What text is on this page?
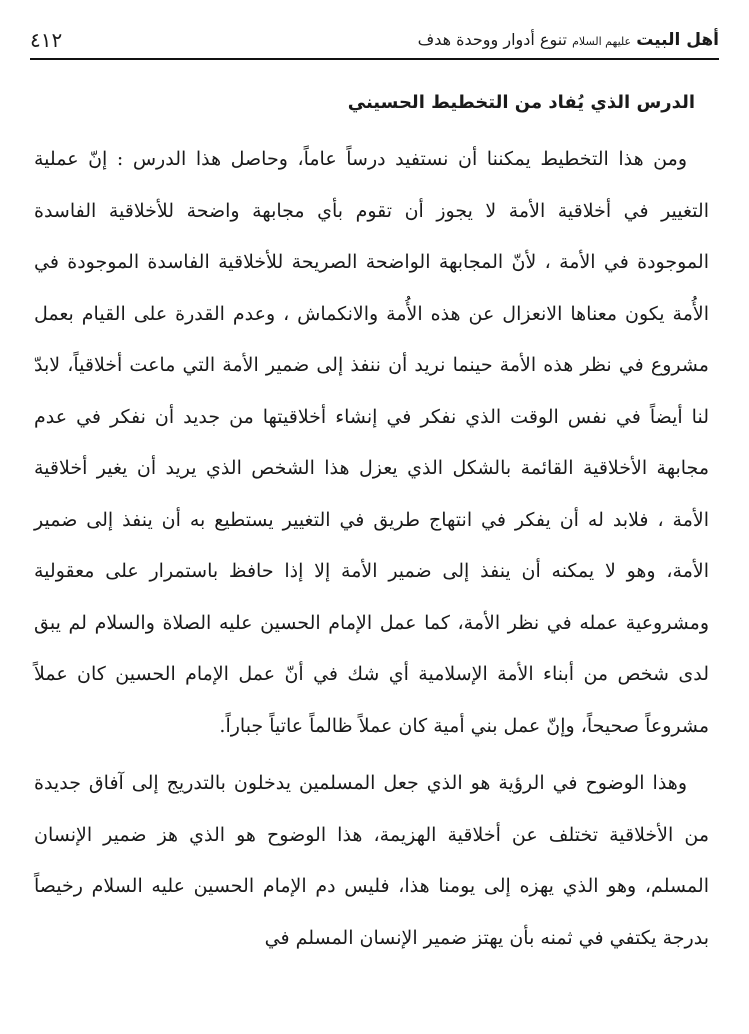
أهل البيت عليهم السلام تنوع أدوار ووحدة هدف
٤١٢
الدرس الذي يُفاد من التخطيط الحسيني

ومن هذا التخطيط يمكننا أن نستفيد درساً عاماً، وحاصل هذا الدرس : إنّ عملية التغيير في أخلاقية الأمة لا يجوز أن تقوم بأي مجابهة واضحة للأخلاقية الفاسدة الموجودة في الأمة ، لأنّ المجابهة الواضحة الصريحة للأخلاقية الفاسدة الموجودة في الأُمة يكون معناها الانعزال عن هذه الأُمة والانكماش ، وعدم القدرة على القيام بعمل مشروع في نظر هذه الأمة حينما نريد أن ننفذ إلى ضمير الأمة التي ماعت أخلاقياً، لابدّ لنا أيضاً في نفس الوقت الذي نفكر في إنشاء أخلاقيتها من جديد أن نفكر في عدم مجابهة الأخلاقية القائمة بالشكل الذي يعزل هذا الشخص الذي يريد أن يغير أخلاقية الأمة ، فلابد له أن يفكر في انتهاج طريق في التغيير يستطيع به أن ينفذ إلى ضمير الأمة، وهو لا يمكنه أن ينفذ إلى ضمير الأمة إلا إذا حافظ باستمرار على معقولية ومشروعية عمله في نظر الأمة، كما عمل الإمام الحسين عليه الصلاة والسلام لم يبق لدى شخص من أبناء الأمة الإسلامية أي شك في أنّ عمل الإمام الحسين كان عملاً مشروعاً صحيحاً، وإنّ عمل بني أمية كان عملاً ظالماً عاتياً جباراً.

وهذا الوضوح في الرؤية هو الذي جعل المسلمين يدخلون بالتدريج إلى آفاق جديدة من الأخلاقية تختلف عن أخلاقية الهزيمة، هذا الوضوح هو الذي هز ضمير الإنسان المسلم، وهو الذي يهزه إلى يومنا هذا، فليس دم الإمام الحسين عليه السلام رخيصاً بدرجة يكتفي في ثمنه بأن يهتز ضمير الإنسان المسلم في
